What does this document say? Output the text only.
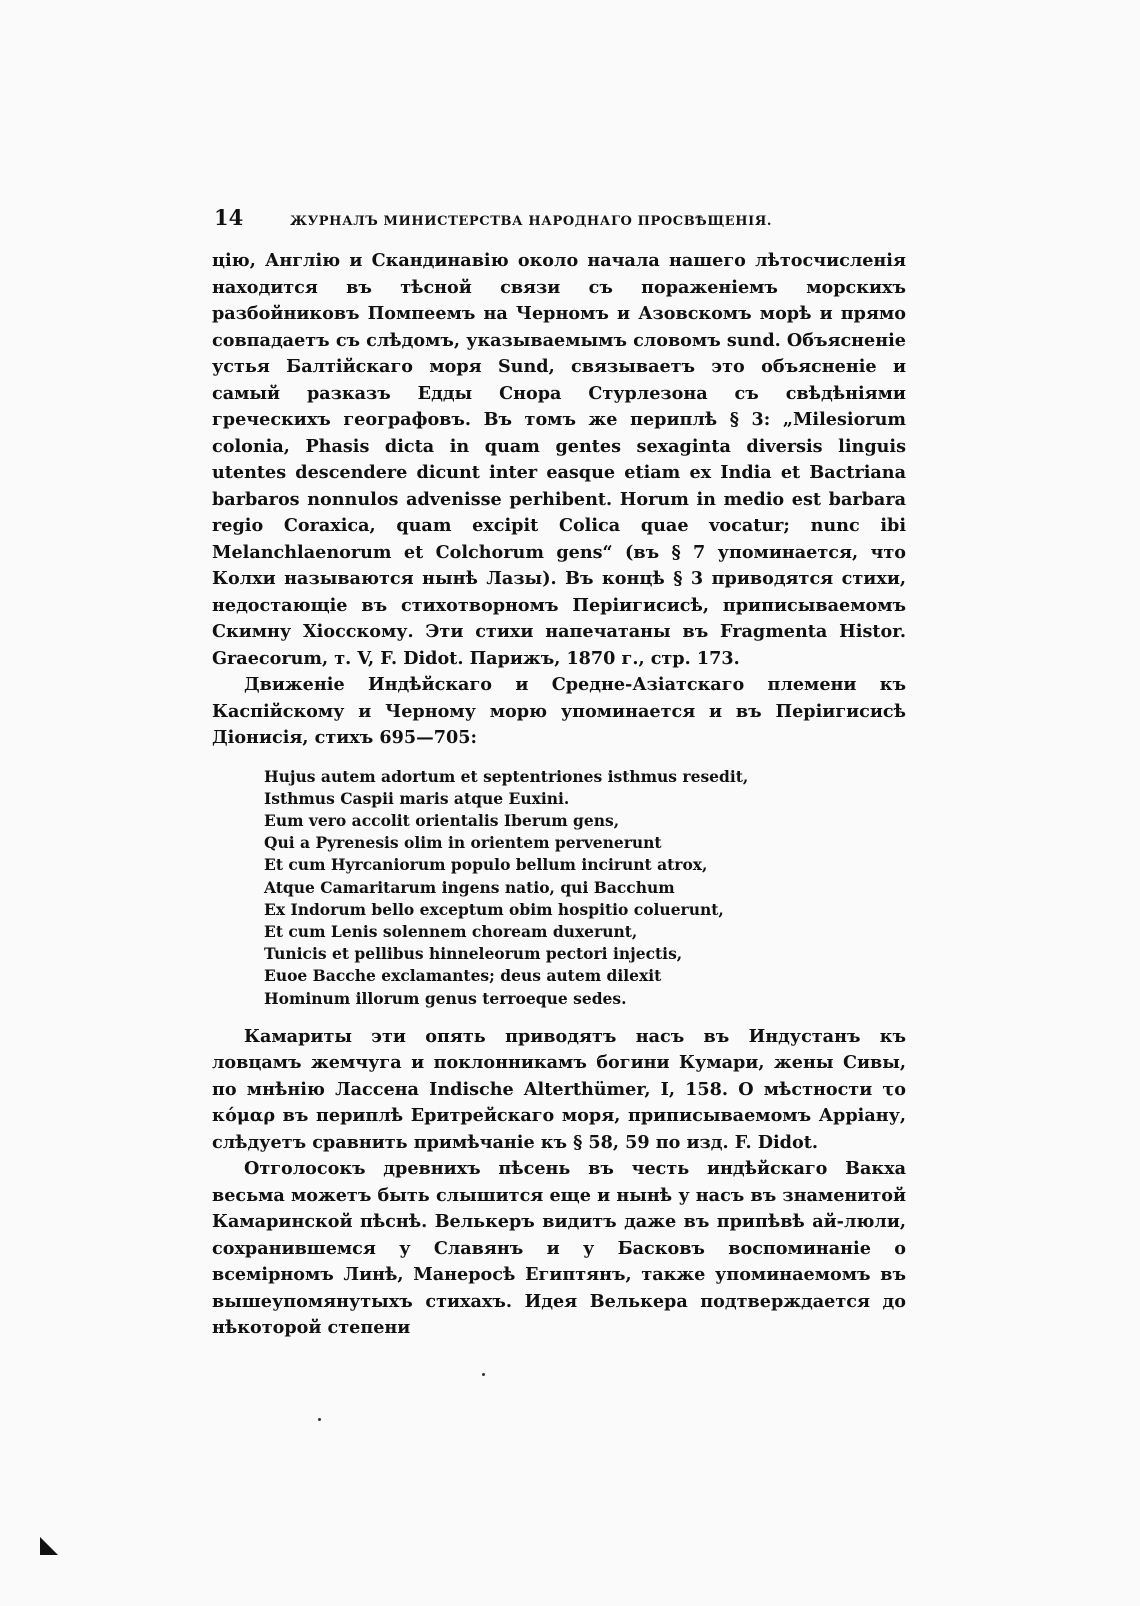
14	ЖУРНАЛЪ МИНИСТЕРСТВА НАРОДНАГО ПРОСВѢЩЕНІЯ.

цію, Англію и Скандинавію около начала нашего лѣтосчисленія находится въ тѣсной связи съ пораженіемъ морскихъ разбойниковъ Помпеемъ на Черномъ и Азовскомъ морѣ и прямо совпадаетъ съ слѣдомъ, указываемымъ словомъ sund. Объясненіе устья Балтійскаго моря Sund, связываетъ это объясненіе и самый разказъ Едды Снора Стурлезона съ свѣдѣніями греческихъ географовъ. Въ томъ же периплѣ § 3: „Milesiorum colonia, Phasis dicta in quam gentes sexaginta diversis linguis utentes descendere dicunt inter easque etiam ex India et Bactriana barbaros nonnulos advenisse perhibent. Horum in medio est barbara regio Coraxica, quam excipit Colica quae vocatur; nunc ibi Melanchlaenorum et Colchorum gens“ (въ § 7 упоминается, что Колхи называются нынѣ Лазы). Въ концѣ § 3 приводятся стихи, недостающіе въ стихотворномъ Періигисисѣ, приписываемомъ Скимну Хіосскому. Эти стихи напечатаны въ Fragmenta Histor. Graecorum, т. V, F. Didot. Парижъ, 1870 г., стр. 173.

Движеніе Индѣйскаго и Средне-Азіатскаго племени къ Каспійскому и Черному морю упоминается и въ Періигисисѣ Діонисія, стихъ 695—705:

Hujus autem adortum et septentriones isthmus resedit,
Isthmus Caspii maris atque Euxini.
Eum vero accolit orientalis Iberum gens,
Qui a Pyrenesis olim in orientem pervenerunt
Et cum Hyrcaniorum populo bellum incirunt atrox,
Atque Camaritarum ingens natio, qui Bacchum
Ex Indorum bello exceptum obim hospitio coluerunt,
Et cum Lenis solennem choream duxerunt,
Tunicis et pellibus hinneleorum pectori injectis,
Euoe Bacche exclamantes; deus autem dilexit
Hominum illorum genus terroeque sedes.

Камариты эти опять приводятъ насъ въ Индустанъ къ ловцамъ жемчуга и поклонникамъ богини Кумари, жены Сивы, по мнѣнію Лассена Indische Alterthümer, I, 158. О мѣстности το κόμαρ въ периплѣ Еритрейскаго моря, приписываемомъ Арріану, слѣдуетъ сравнить примѣчаніе къ § 58, 59 по изд. F. Didot.

Отголосокъ древнихъ пѣсень въ честь индѣйскаго Вакха весьма можетъ быть слышится еще и нынѣ у насъ въ знаменитой Камаринской пѣснѣ. Велькеръ видитъ даже въ припѣвѣ ай-люли, сохранившемся у Славянъ и у Басковъ воспоминаніе о всемірномъ Линѣ, Манеросѣ Египтянъ, также упоминаемомъ въ вышеупомянутыхъ стихахъ. Идея Велькера подтверждается до нѣкоторой степени
